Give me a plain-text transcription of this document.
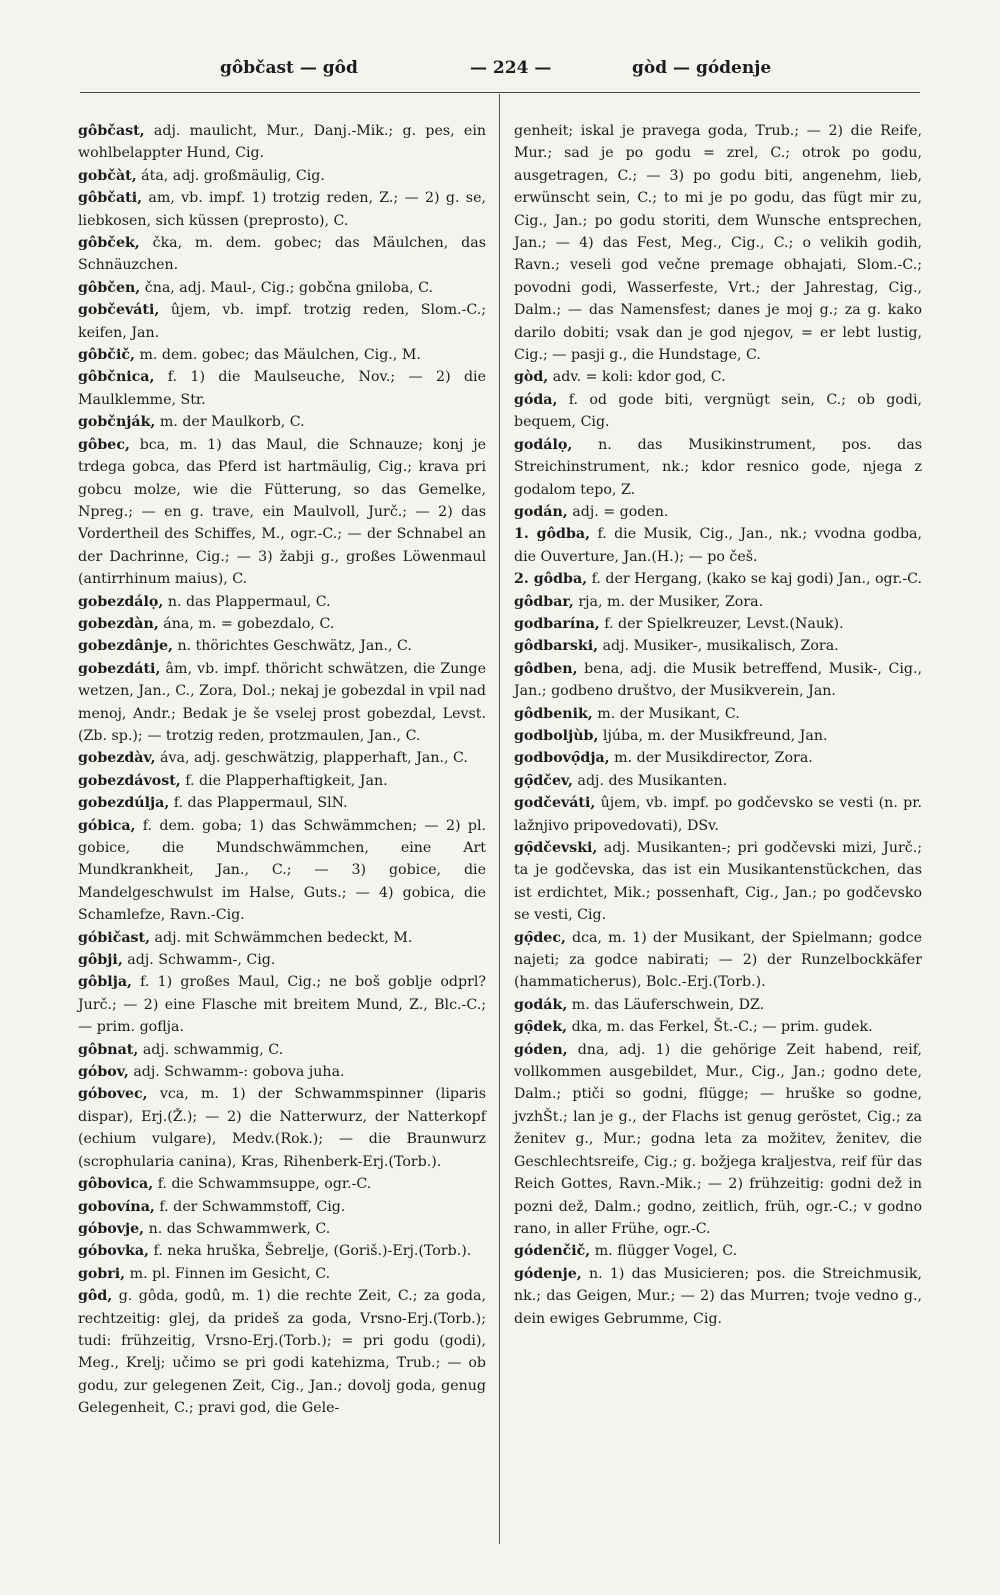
gôbčast — gôd	— 224 —	gòd — gódenje

gôbčast, adj. maulicht, Mur., Danj.-Mik.; g. pes, ein wohlbelappter Hund, Cig.

gobčàt, áta, adj. großmäulig, Cig.

gôbčati, am, vb. impf. 1) trotzig reden, Z.; — 2) g. se, liebkosen, sich küssen (preprosto), C.

gôbček, čka, m. dem. gobec; das Mäulchen, das Schnäuzchen.

gôbčen, čna, adj. Maul-, Cig.; gobčna gniloba, C.

gobčeváti, ûjem, vb. impf. trotzig reden, Slom.-C.; keifen, Jan.

gôbčič, m. dem. gobec; das Mäulchen, Cig., M.

gôbčnica, f. 1) die Maulseuche, Nov.; — 2) die Maulklemme, Str.

gobčnják, m. der Maulkorb, C.

gôbec, bca, m. 1) das Maul, die Schnauze; konj je trdega gobca, das Pferd ist hartmäulig, Cig.; krava pri gobcu molze, wie die Fütterung, so das Gemelke, Npreg.; — en g. trave, ein Maulvoll, Jurč.; — 2) das Vordertheil des Schiffes, M., ogr.-C.; — der Schnabel an der Dachrinne, Cig.; — 3) žabji g., großes Löwenmaul (antirrhinum maius), C.

gobezdálọ, n. das Plappermaul, C.

gobezdàn, ána, m. = gobezdalo, C.

gobezdânje, n. thörichtes Geschwätz, Jan., C.

gobezdáti, âm, vb. impf. thöricht schwätzen, die Zunge wetzen, Jan., C., Zora, Dol.; nekaj je gobezdal in vpil nad menoj, Andr.; Bedak je še vselej prost gobezdal, Levst.(Zb. sp.); — trotzig reden, protzmaulen, Jan., C.

gobezdàv, áva, adj. geschwätzig, plapperhaft, Jan., C.

gobezdávost, f. die Plapperhaftigkeit, Jan.

gobezdúlja, f. das Plappermaul, SlN.

góbica, f. dem. goba; 1) das Schwämmchen; — 2) pl. gobice, die Mundschwämmchen, eine Art Mundkrankheit, Jan., C.; — 3) gobice, die Mandelgeschwulst im Halse, Guts.; — 4) gobica, die Schamlefze, Ravn.-Cig.

góbičast, adj. mit Schwämmchen bedeckt, M.

gôbji, adj. Schwamm-, Cig.

gôblja, f. 1) großes Maul, Cig.; ne boš goblje odprl? Jurč.; — 2) eine Flasche mit breitem Mund, Z., Blc.-C.; — prim. goflja.

gôbnat, adj. schwammig, C.

góbov, adj. Schwamm-: gobova juha.

góbovec, vca, m. 1) der Schwammspinner (liparis dispar), Erj.(Ž.); — 2) die Natterwurz, der Natterkopf (echium vulgare), Medv.(Rok.); — die Braunwurz (scrophularia canina), Kras, Rihenberk-Erj.(Torb.).

gôbovica, f. die Schwammsuppe, ogr.-C.

gobovína, f. der Schwammstoff, Cig.

góbovje, n. das Schwammwerk, C.

góbovka, f. neka hruška, Šebrelje, (Goriš.)-Erj.(Torb.).

gobri, m. pl. Finnen im Gesicht, C.

gôd, g. gôda, godû, m. 1) die rechte Zeit, C.; za goda, rechtzeitig: glej, da prideš za goda, Vrsno-Erj.(Torb.); tudi: frühzeitig, Vrsno-Erj.(Torb.); = pri godu (godi), Meg., Krelj; učimo se pri godi katehizma, Trub.; — ob godu, zur gelegenen Zeit, Cig., Jan.; dovolj goda, genug Gelegenheit, C.; pravi god, die Gele-

genheit; iskal je pravega goda, Trub.; — 2) die Reife, Mur.; sad je po godu = zrel, C.; otrok po godu, ausgetragen, C.; — 3) po godu biti, angenehm, lieb, erwünscht sein, C.; to mi je po godu, das fügt mir zu, Cig., Jan.; po godu storiti, dem Wunsche entsprechen, Jan.; — 4) das Fest, Meg., Cig., C.; o velikih godih, Ravn.; veseli god večne premage obhajati, Slom.-C.; povodni godi, Wasserfeste, Vrt.; der Jahrestag, Cig., Dalm.; — das Namensfest; danes je moj g.; za g. kako darilo dobiti; vsak dan je god njegov, = er lebt lustig, Cig.; — pasji g., die Hundstage, C.

gòd, adv. = koli: kdor god, C.

góda, f. od gode biti, vergnügt sein, C.; ob godi, bequem, Cig.

godálọ, n. das Musikinstrument, pos. das Streichinstrument, nk.; kdor resnico gode, njega z godalom tepo, Z.

godán, adj. = goden.

1. gôdba, f. die Musik, Cig., Jan., nk.; vvodna godba, die Ouverture, Jan.(H.); — po češ.

2. gôdba, f. der Hergang, (kako se kaj godi) Jan., ogr.-C.

gôdbar, rja, m. der Musiker, Zora.

godbarína, f. der Spielkreuzer, Levst.(Nauk).

gôdbarski, adj. Musiker-, musikalisch, Zora.

gôdben, bena, adj. die Musik betreffend, Musik-, Cig., Jan.; godbeno društvo, der Musikverein, Jan.

gôdbenik, m. der Musikant, C.

godboljùb, ljúba, m. der Musikfreund, Jan.

godbovọ̑dja, m. der Musikdirector, Zora.

gọ̑dčev, adj. des Musikanten.

godčeváti, ûjem, vb. impf. po godčevsko se vesti (n. pr. lažnjivo pripovedovati), DSv.

gọ̑dčevski, adj. Musikanten-; pri godčevski mizi, Jurč.; ta je godčevska, das ist ein Musikantenstückchen, das ist erdichtet, Mik.; possenhaft, Cig., Jan.; po godčevsko se vesti, Cig.

gọ̑dec, dca, m. 1) der Musikant, der Spielmann; godce najeti; za godce nabirati; — 2) der Runzelbockkäfer (hammaticherus), Bolc.-Erj.(Torb.).

godák, m. das Läuferschwein, DZ.

gọ̑dek, dka, m. das Ferkel, Št.-C.; — prim. gudek.

góden, dna, adj. 1) die gehörige Zeit habend, reif, vollkommen ausgebildet, Mur., Cig., Jan.; godno dete, Dalm.; ptiči so godni, flügge; — hruške so godne, jvzhŠt.; lan je g., der Flachs ist genug geröstet, Cig.; za ženitev g., Mur.; godna leta za možitev, ženitev, die Geschlechtsreife, Cig.; g. božjega kraljestva, reif für das Reich Gottes, Ravn.-Mik.; — 2) frühzeitig: godni dež in pozni dež, Dalm.; godno, zeitlich, früh, ogr.-C.; v godno rano, in aller Frühe, ogr.-C.

gódenčič, m. flügger Vogel, C.

gódenje, n. 1) das Musicieren; pos. die Streichmusik, nk.; das Geigen, Mur.; — 2) das Murren; tvoje vedno g., dein ewiges Gebrumme, Cig.
